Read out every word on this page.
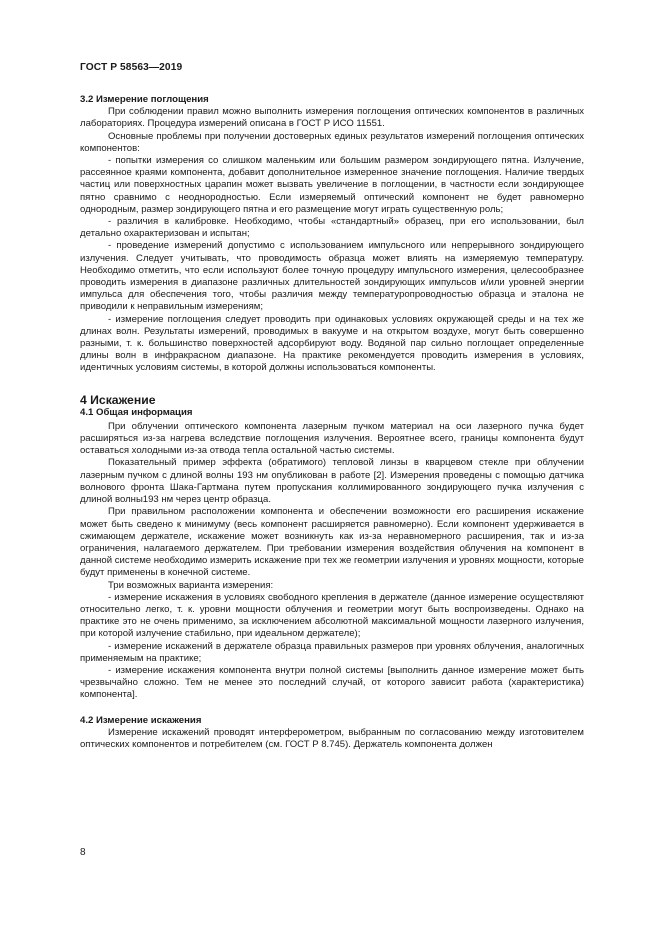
ГОСТ Р 58563—2019

3.2 Измерение поглощения

При соблюдении правил можно выполнить измерения поглощения оптических компонентов в различных лабораториях. Процедура измерений описана в ГОСТ Р ИСО 11551.

Основные проблемы при получении достоверных единых результатов измерений поглощения оптических компонентов:

- попытки измерения со слишком маленьким или большим размером зондирующего пятна. Излучение, рассеянное краями компонента, добавит дополнительное измеренное значение поглощения. Наличие твердых частиц или поверхностных царапин может вызвать увеличение в поглощении, в частности если зондирующее пятно сравнимо с неоднородностью. Если измеряемый оптический компонент не будет равномерно однородным, размер зондирующего пятна и его размещение могут играть существенную роль;

- различия в калибровке. Необходимо, чтобы «стандартный» образец, при его использовании, был детально охарактеризован и испытан;

- проведение измерений допустимо с использованием импульсного или непрерывного зондирующего излучения. Следует учитывать, что проводимость образца может влиять на измеряемую температуру. Необходимо отметить, что если используют более точную процедуру импульсного измерения, целесообразнее проводить измерения в диапазоне различных длительностей зондирующих импульсов и/или уровней энергии импульса для обеспечения того, чтобы различия между температуропроводностью образца и эталона не приводили к неправильным измерениям;

- измерение поглощения следует проводить при одинаковых условиях окружающей среды и на тех же длинах волн. Результаты измерений, проводимых в вакууме и на открытом воздухе, могут быть совершенно разными, т. к. большинство поверхностей адсорбируют воду. Водяной пар сильно поглощает определенные длины волн в инфракрасном диапазоне. На практике рекомендуется проводить измерения в условиях, идентичных условиям системы, в которой должны использоваться компоненты.

4 Искажение

4.1 Общая информация

При облучении оптического компонента лазерным пучком материал на оси лазерного пучка будет расширяться из-за нагрева вследствие поглощения излучения. Вероятнее всего, границы компонента будут оставаться холодными из-за отвода тепла остальной частью системы.

Показательный пример эффекта (обратимого) тепловой линзы в кварцевом стекле при облучении лазерным пучком с длиной волны 193 нм опубликован в работе [2]. Измерения проведены с помощью датчика волнового фронта Шака-Гартмана путем пропускания коллимированного зондирующего пучка излучения с длиной волны193 нм через центр образца.

При правильном расположении компонента и обеспечении возможности его расширения искажение может быть сведено к минимуму (весь компонент расширяется равномерно). Если компонент удерживается в сжимающем держателе, искажение может возникнуть как из-за неравномерного расширения, так и из-за ограничения, налагаемого держателем. При требовании измерения воздействия облучения на компонент в данной системе необходимо измерить искажение при тех же геометрии излучения и уровнях мощности, которые будут применены в конечной системе.

Три возможных варианта измерения:

- измерение искажения в условиях свободного крепления в держателе (данное измерение осуществляют относительно легко, т. к. уровни мощности облучения и геометрии могут быть воспроизведены. Однако на практике это не очень применимо, за исключением абсолютной максимальной мощности лазерного излучения, при которой излучение стабильно, при идеальном держателе);

- измерение искажений в держателе образца правильных размеров при уровнях облучения, аналогичных применяемым на практике;

- измерение искажения компонента внутри полной системы [выполнить данное измерение может быть чрезвычайно сложно. Тем не менее это последний случай, от которого зависит работа (характеристика) компонента].

4.2 Измерение искажения

Измерение искажений проводят интерферометром, выбранным по согласованию между изготовителем оптических компонентов и потребителем (см. ГОСТ Р 8.745). Держатель компонента должен

8
